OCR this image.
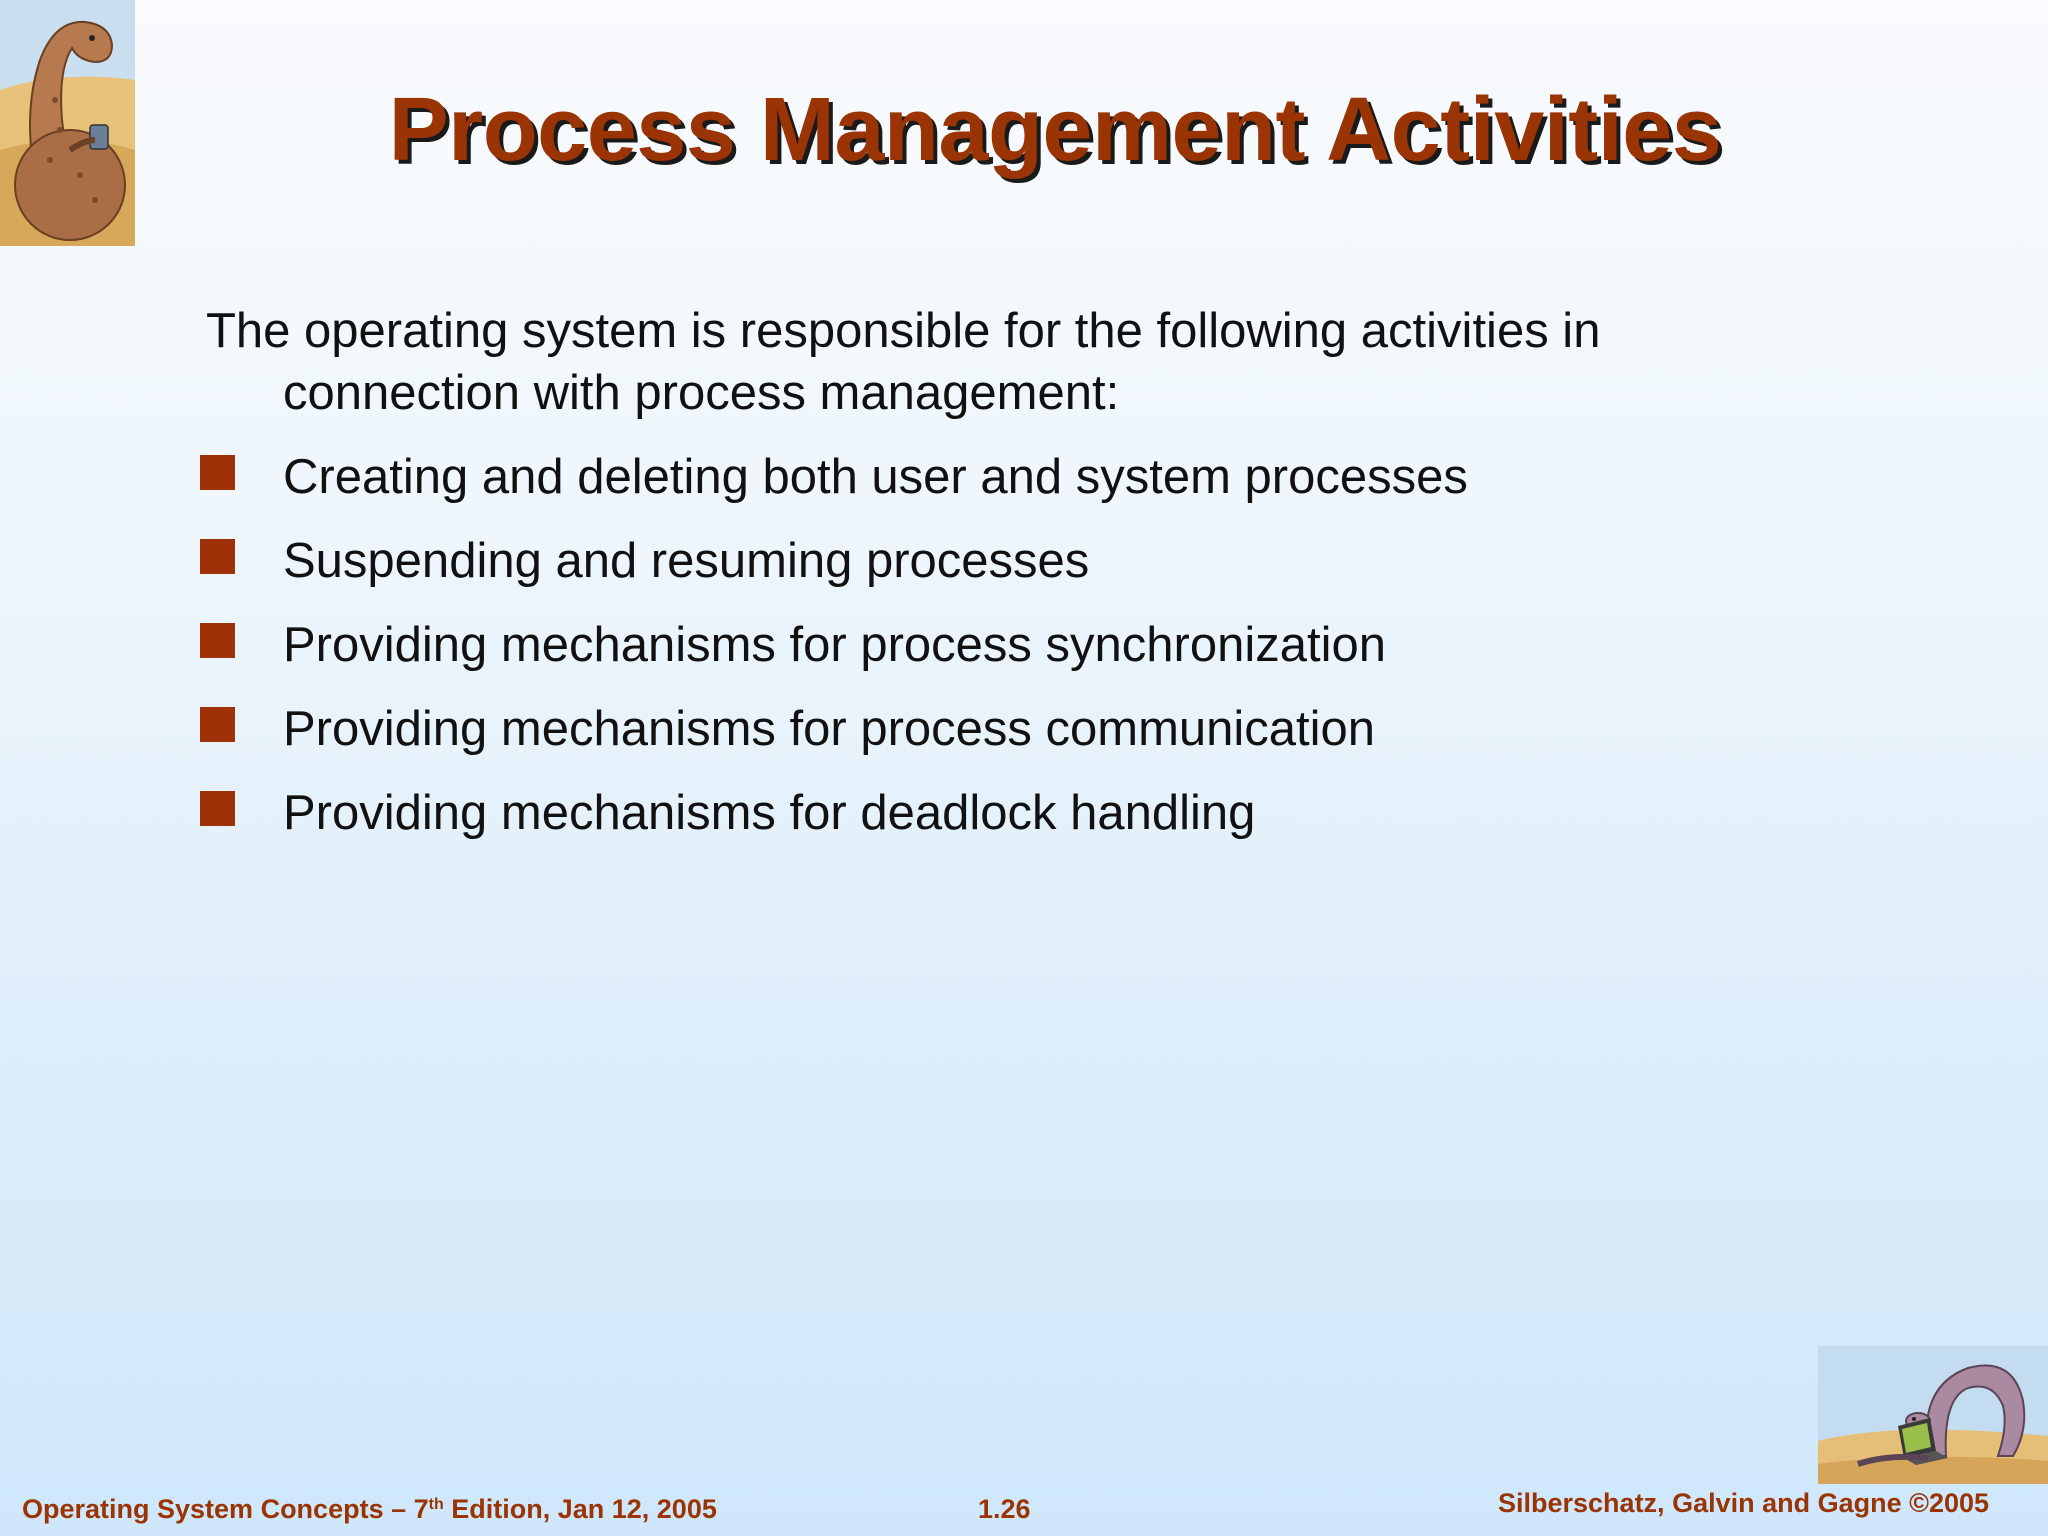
Process Management Activities
The operating system is responsible for the following activities in
connection with process management:
Creating and deleting both user and system processes
Suspending and resuming processes
Providing mechanisms for process synchronization
Providing mechanisms for process communication
Providing mechanisms for deadlock handling
Operating System Concepts – 7th Edition, Jan 12, 2005	1.26	Silberschatz, Galvin and Gagne ©2005
